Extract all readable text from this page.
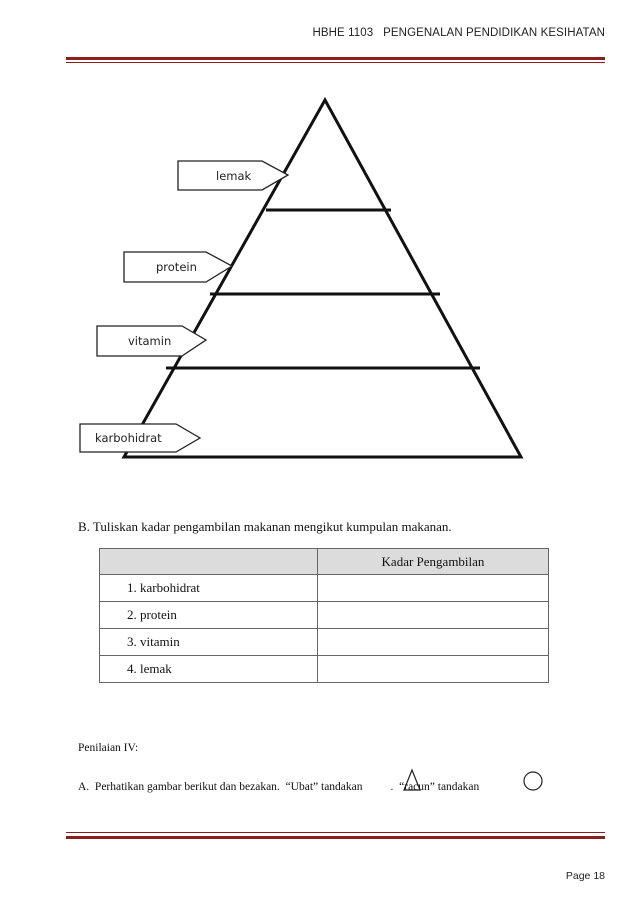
HBHE 1103   PENGENALAN PENDIDIKAN KESIHATAN
lemak
protein
vitamin
karbohidrat
B. Tuliskan kadar pengambilan makanan mengikut kumpulan makanan.
	Kadar Pengambilan
1. karbohidrat	
2. protein	
3. vitamin	
4. lemak	
Penilaian IV:
A.  Perhatikan gambar berikut dan bezakan.  “Ubat” tandakan .  “racun” tandakan
Page 18
